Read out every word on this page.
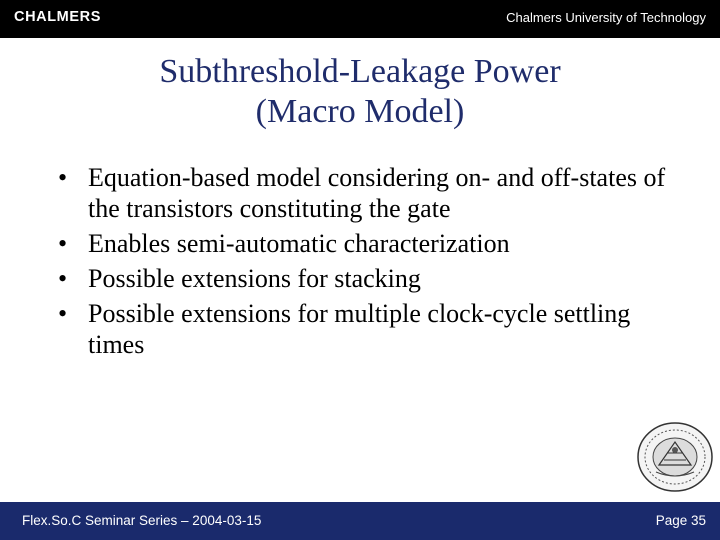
CHALMERS	Chalmers University of Technology
Subthreshold-Leakage Power
(Macro Model)
• Equation-based model considering on- and off-states of the transistors constituting the gate
• Enables semi-automatic characterization
• Possible extensions for stacking
• Possible extensions for multiple clock-cycle settling times
Flex.So.C Seminar Series – 2004-03-15	Page 35
